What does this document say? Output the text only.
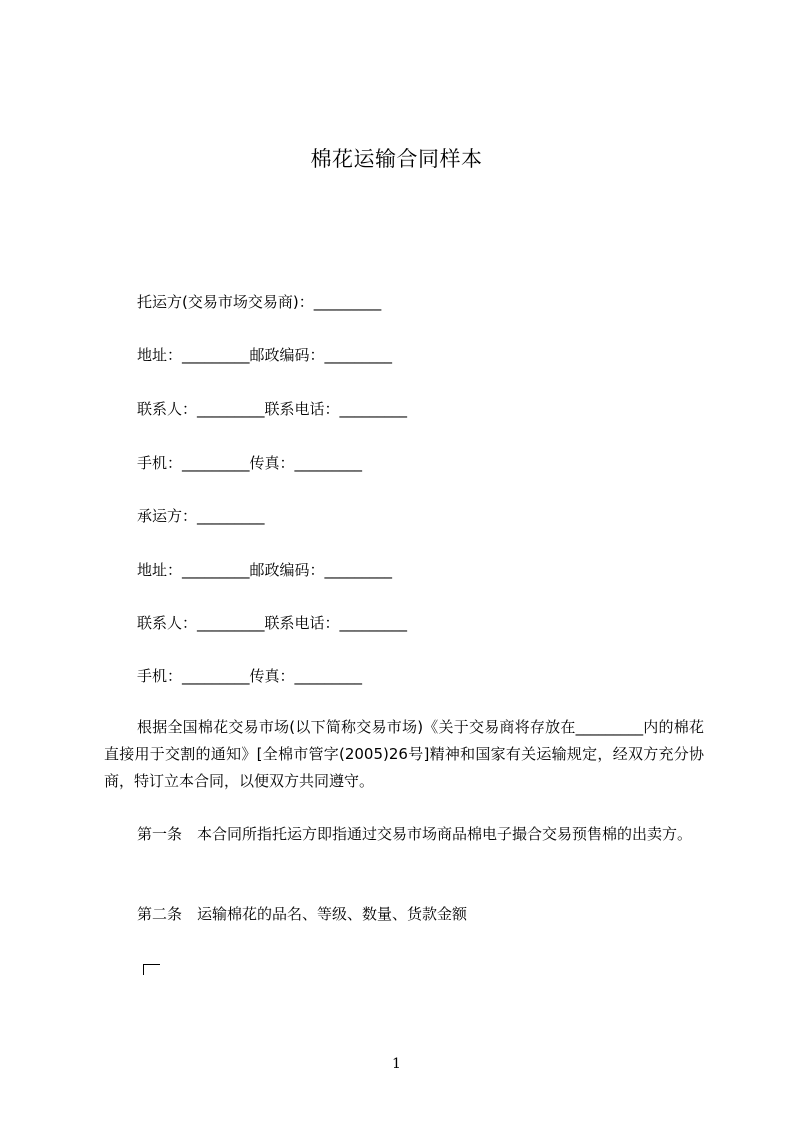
棉花运输合同样本
托运方(交易市场交易商)：_________
地址：_________邮政编码：_________
联系人：_________联系电话：_________
手机：_________传真：_________
承运方：_________
地址：_________邮政编码：_________
联系人：_________联系电话：_________
手机：_________传真：_________
根据全国棉花交易市场(以下简称交易市场)《关于交易商将存放在_________内的棉花直接用于交割的通知》[全棉市管字(2005)26号]精神和国家有关运输规定，经双方充分协商，特订立本合同，以便双方共同遵守。
第一条　本合同所指托运方即指通过交易市场商品棉电子撮合交易预售棉的出卖方。
第二条　运输棉花的品名、等级、数量、货款金额
1
